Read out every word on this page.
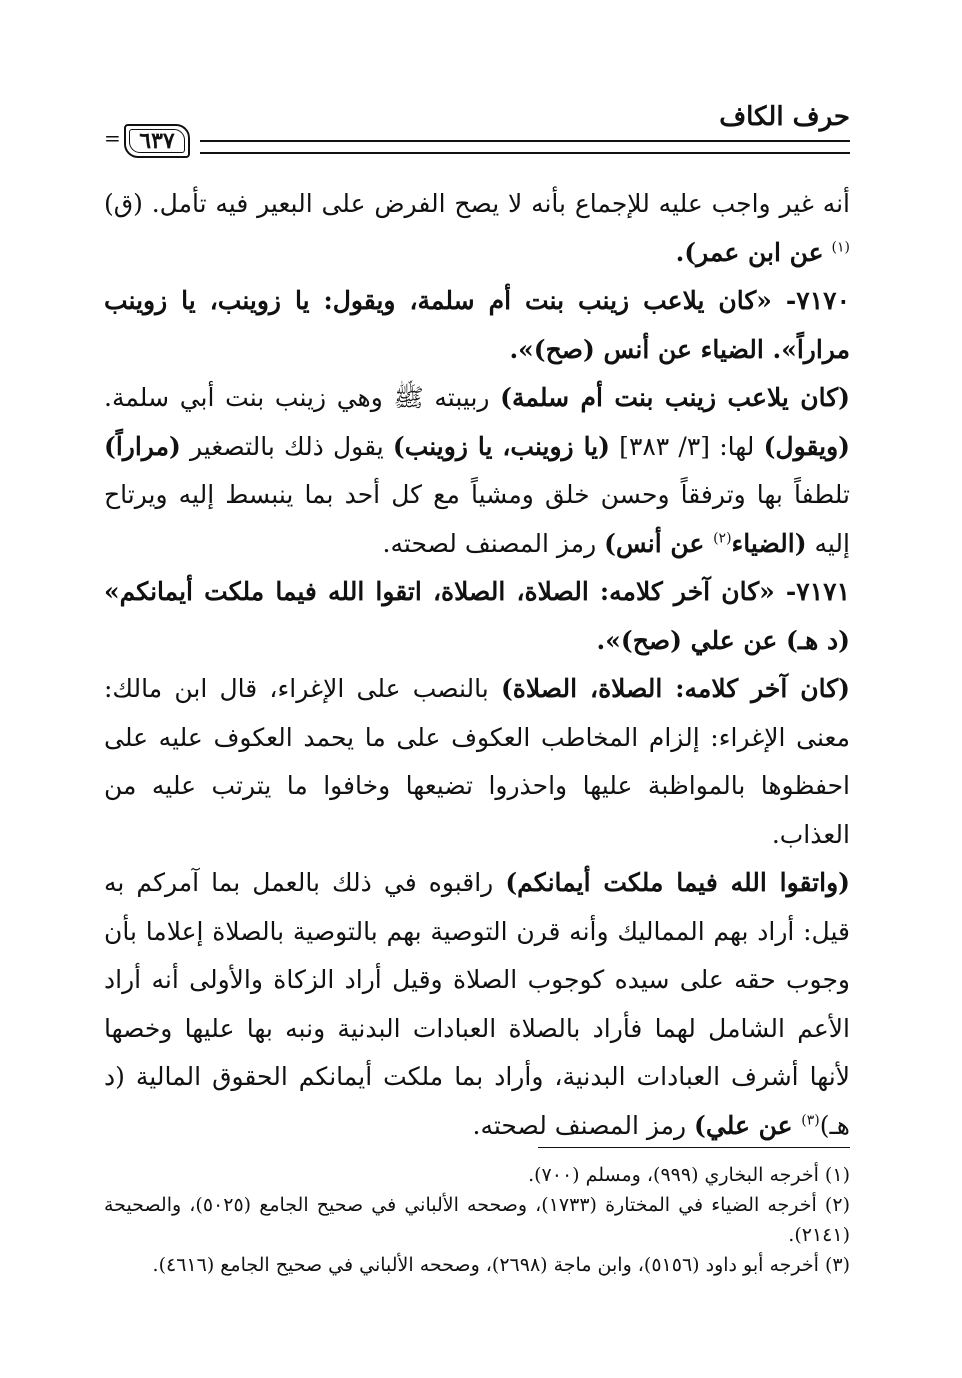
حرف الكاف
٦٣٧
=

أنه غير واجب عليه للإجماع بأنه لا يصح الفرض على البعير فيه تأمل. (ق)$^{(١)}$ عن ابن عمر).

٧١٧٠- «كان يلاعب زينب بنت أم سلمة، ويقول: يا زوينب، يا زوينب مراراً». الضياء عن أنس (صح)».

(كان يلاعب زينب بنت أم سلمة) ربيبته ﷺ وهي زينب بنت أبي سلمة. (ويقول) لها: [٣/ ٣٨٣] (يا زوينب، يا زوينب) يقول ذلك بالتصغير (مراراً) تلطفاً بها وترفقاً وحسن خلق ومشياً مع كل أحد بما ينبسط إليه ويرتاح إليه (الضياء$^{(٢)}$ عن أنس) رمز المصنف لصحته.

٧١٧١- «كان آخر كلامه: الصلاة، الصلاة، اتقوا الله فيما ملكت أيمانكم» (د هـ) عن علي (صح)».

(كان آخر كلامه: الصلاة، الصلاة) بالنصب على الإغراء، قال ابن مالك: معنى الإغراء: إلزام المخاطب العكوف على ما يحمد العكوف عليه على احفظوها بالمواظبة عليها واحذروا تضيعها وخافوا ما يترتب عليه من العذاب.

(واتقوا الله فيما ملكت أيمانكم) راقبوه في ذلك بالعمل بما آمركم به قيل: أراد بهم المماليك وأنه قرن التوصية بهم بالتوصية بالصلاة إعلاما بأن وجوب حقه على سيده كوجوب الصلاة وقيل أراد الزكاة والأولى أنه أراد الأعم الشامل لهما فأراد بالصلاة العبادات البدنية ونبه بها عليها وخصها لأنها أشرف العبادات البدنية، وأراد بما ملكت أيمانكم الحقوق المالية (د هـ)$^{(٣)}$ عن علي) رمز المصنف لصحته.

(١) أخرجه البخاري (٩٩٩)، ومسلم (٧٠٠).

(٢) أخرجه الضياء في المختارة (١٧٣٣)، وصححه الألباني في صحيح الجامع (٥٠٢٥)، والصحيحة (٢١٤١).

(٣) أخرجه أبو داود (٥١٥٦)، وابن ماجة (٢٦٩٨)، وصححه الألباني في صحيح الجامع (٤٦١٦).
